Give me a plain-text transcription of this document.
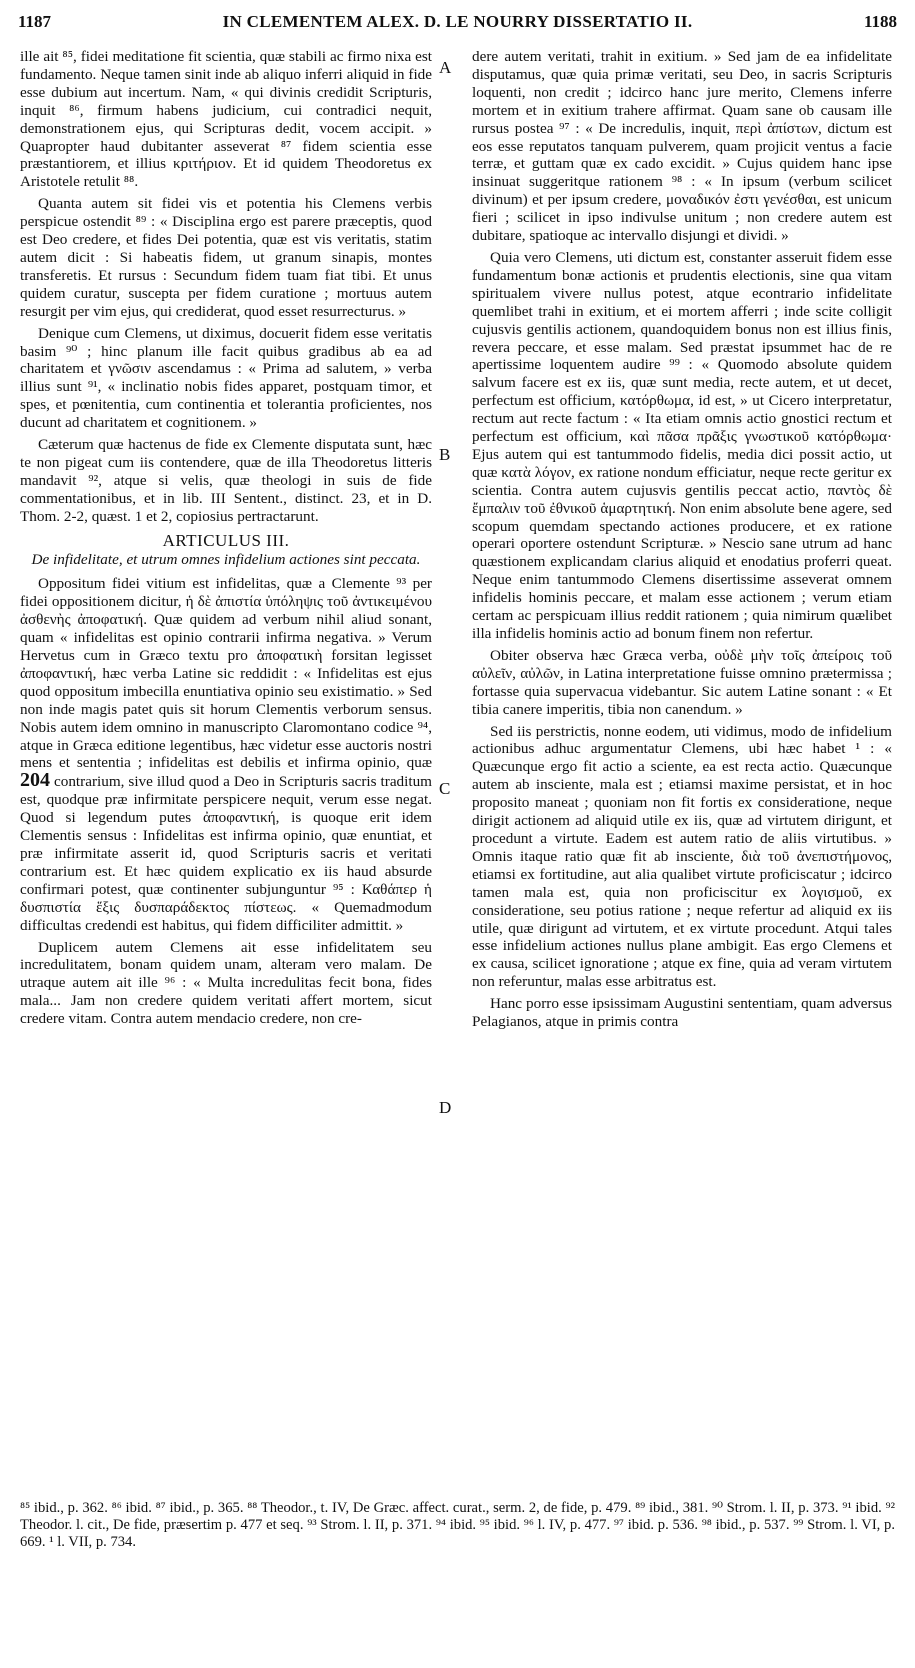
1187	IN CLEMENTEM ALEX. D. LE NOURRY DISSERTATIO II.	1188
A
B
C
D

ille ait ⁸⁵, fidei meditatione fit scientia, quæ stabili ac firmo nixa est fundamento. Neque tamen sinit inde ab aliquo inferri aliquid in fide esse dubium aut incertum. Nam, « qui divinis credidit Scripturis, inquit ⁸⁶, firmum habens judicium, cui contradici nequit, demonstrationem ejus, qui Scripturas dedit, vocem accipit. » Quapropter haud dubitanter asseverat ⁸⁷ fidem scientia esse præstantiorem, et illius κριτήριον. Et id quidem Theodoretus ex Aristotele retulit ⁸⁸.

Quanta autem sit fidei vis et potentia his Clemens verbis perspicue ostendit ⁸⁹ : « Disciplina ergo est parere præceptis, quod est Deo credere, et fides Dei potentia, quæ est vis veritatis, statim autem dicit : Si habeatis fidem, ut granum sinapis, montes transferetis. Et rursus : Secundum fidem tuam fiat tibi. Et unus quidem curatur, suscepta per fidem curatione ; mortuus autem resurgit per vim ejus, qui crediderat, quod esset resurrecturus. »

Denique cum Clemens, ut diximus, docuerit fidem esse veritatis basim ⁹⁰ ; hinc planum ille facit quibus gradibus ab ea ad charitatem et γνῶσιν ascendamus : « Prima ad salutem, » verba illius sunt ⁹¹, « inclinatio nobis fides apparet, postquam timor, et spes, et pœnitentia, cum continentia et tolerantia proficientes, nos ducunt ad charitatem et cognitionem. »

Cæterum quæ hactenus de fide ex Clemente disputata sunt, hæc te non pigeat cum iis contendere, quæ de illa Theodoretus litteris mandavit ⁹², atque si velis, quæ theologi in suis de fide commentationibus, et in lib. III Sentent., distinct. 23, et in D. Thom. 2-2, quæst. 1 et 2, copiosius pertractarunt.

ARTICULUS III.
De infidelitate, et utrum omnes infidelium actiones sint peccata.

Oppositum fidei vitium est infidelitas, quæ a Clemente ⁹³ per fidei oppositionem dicitur, ἡ δὲ ἀπιστία ὑπόληψις τοῦ ἀντικειμένου ἀσθενὴς ἀποφατική. Quæ quidem ad verbum nihil aliud sonant, quam « infidelitas est opinio contrarii infirma negativa. » Verum Hervetus cum in Græco textu pro ἀποφατικὴ forsitan legisset ἀποφαντική, hæc verba Latine sic reddidit : « Infidelitas est ejus quod oppositum imbecilla enuntiativa opinio seu existimatio. » Sed non inde magis patet quis sit horum Clementis verborum sensus. Nobis autem idem omnino in manuscripto Claromontano codice ⁹⁴, atque in Græca editione legentibus, hæc videtur esse auctoris nostri mens et sententia ; infidelitas est debilis et infirma opinio, quæ 204 contrarium, sive illud quod a Deo in Scripturis sacris traditum est, quodque præ infirmitate perspicere nequit, verum esse negat. Quod si legendum putes ἀποφαντική, is quoque erit idem Clementis sensus : Infidelitas est infirma opinio, quæ enuntiat, et præ infirmitate asserit id, quod Scripturis sacris et veritati contrarium est. Et hæc quidem explicatio ex iis haud absurde confirmari potest, quæ continenter subjunguntur ⁹⁵ : Καθάπερ ἡ δυσπιστία ἕξις δυσπαράδεκτος πίστεως. « Quemadmodum difficultas credendi est habitus, qui fidem difficiliter admittit. »

Duplicem autem Clemens ait esse infidelitatem seu incredulitatem, bonam quidem unam, alteram vero malam. De utraque autem ait ille ⁹⁶ : « Multa incredulitas fecit bona, fides mala... Jam non credere quidem veritati affert mortem, sicut credere vitam. Contra autem mendacio credere, non cre-

dere autem veritati, trahit in exitium. » Sed jam de ea infidelitate disputamus, quæ quia primæ veritati, seu Deo, in sacris Scripturis loquenti, non credit ; idcirco hanc jure merito, Clemens inferre mortem et in exitium trahere affirmat. Quam sane ob causam ille rursus postea ⁹⁷ : « De incredulis, inquit, περὶ ἀπίστων, dictum est eos esse reputatos tanquam pulverem, quam projicit ventus a facie terræ, et guttam quæ ex cado excidit. » Cujus quidem hanc ipse insinuat suggeritque rationem ⁹⁸ : « In ipsum (verbum scilicet divinum) et per ipsum credere, μοναδικόν ἐστι γενέσθαι, est unicum fieri ; scilicet in ipso indivulse unitum ; non credere autem est dubitare, spatioque ac intervallo disjungi et dividi. »

Quia vero Clemens, uti dictum est, constanter asseruit fidem esse fundamentum bonæ actionis et prudentis electionis, sine qua vitam spiritualem vivere nullus potest, atque econtrario infidelitate quemlibet trahi in exitium, et ei mortem afferri ; inde scite colligit cujusvis gentilis actionem, quandoquidem bonus non est illius finis, revera peccare, et esse malam. Sed præstat ipsummet hac de re apertissime loquentem audire ⁹⁹ : « Quomodo absolute quidem salvum facere est ex iis, quæ sunt media, recte autem, et ut decet, perfectum est officium, κατόρθωμα, id est, » ut Cicero interpretatur, rectum aut recte factum : « Ita etiam omnis actio gnostici rectum et perfectum est officium, καὶ πᾶσα πρᾶξις γνωστικοῦ κατόρθωμα· Ejus autem qui est tantummodo fidelis, media dici possit actio, ut quæ κατὰ λόγον, ex ratione nondum efficiatur, neque recte geritur ex scientia. Contra autem cujusvis gentilis peccat actio, παντὸς δὲ ἔμπαλιν τοῦ ἐθνικοῦ ἁμαρτητική. Non enim absolute bene agere, sed scopum quemdam spectando actiones producere, et ex ratione operari oportere ostendunt Scripturæ. » Nescio sane utrum ad hanc quæstionem explicandam clarius aliquid et enodatius proferri queat. Neque enim tantummodo Clemens disertissime asseverat omnem infidelis hominis peccare, et malam esse actionem ; verum etiam certam ac perspicuam illius reddit rationem ; quia nimirum quælibet illa infidelis hominis actio ad bonum finem non refertur.

Obiter observa hæc Græca verba, οὐδὲ μὴν τοῖς ἀπείροις τοῦ αὐλεῖν, αὐλῶν, in Latina interpretatione fuisse omnino prætermissa ; fortasse quia supervacua videbantur. Sic autem Latine sonant : « Et tibia canere imperitis, tibia non canendum. »

Sed iis perstrictis, nonne eodem, uti vidimus, modo de infidelium actionibus adhuc argumentatur Clemens, ubi hæc habet ¹ : « Quæcunque ergo fit actio a sciente, ea est recta actio. Quæcunque autem ab insciente, mala est ; etiamsi maxime persistat, et in hoc proposito maneat ; quoniam non fit fortis ex consideratione, neque dirigit actionem ad aliquid utile ex iis, quæ ad virtutem dirigunt, et procedunt a virtute. Eadem est autem ratio de aliis virtutibus. » Omnis itaque ratio quæ fit ab insciente, διὰ τοῦ ἀνεπιστήμονος, etiamsi ex fortitudine, aut alia qualibet virtute proficiscatur ; idcirco tamen mala est, quia non proficiscitur ex λογισμοῦ, ex consideratione, seu potius ratione ; neque refertur ad aliquid ex iis utile, quæ dirigunt ad virtutem, et ex virtute procedunt. Atqui tales esse infidelium actiones nullus plane ambigit. Eas ergo Clemens et ex causa, scilicet ignoratione ; atque ex fine, quia ad veram virtutem non referuntur, malas esse arbitratus est.

Hanc porro esse ipsissimam Augustini sententiam, quam adversus Pelagianos, atque in primis contra

⁸⁵ ibid., p. 362. ⁸⁶ ibid. ⁸⁷ ibid., p. 365. ⁸⁸ Theodor., t. IV, De Græc. affect. curat., serm. 2, de fide, p. 479. ⁸⁹ ibid., 381. ⁹⁰ Strom. l. II, p. 373. ⁹¹ ibid. ⁹² Theodor. l. cit., De fide, præsertim p. 477 et seq. ⁹³ Strom. l. II, p. 371. ⁹⁴ ibid. ⁹⁵ ibid. ⁹⁶ l. IV, p. 477. ⁹⁷ ibid. p. 536. ⁹⁸ ibid., p. 537. ⁹⁹ Strom. l. VI, p. 669. ¹ l. VII, p. 734.
